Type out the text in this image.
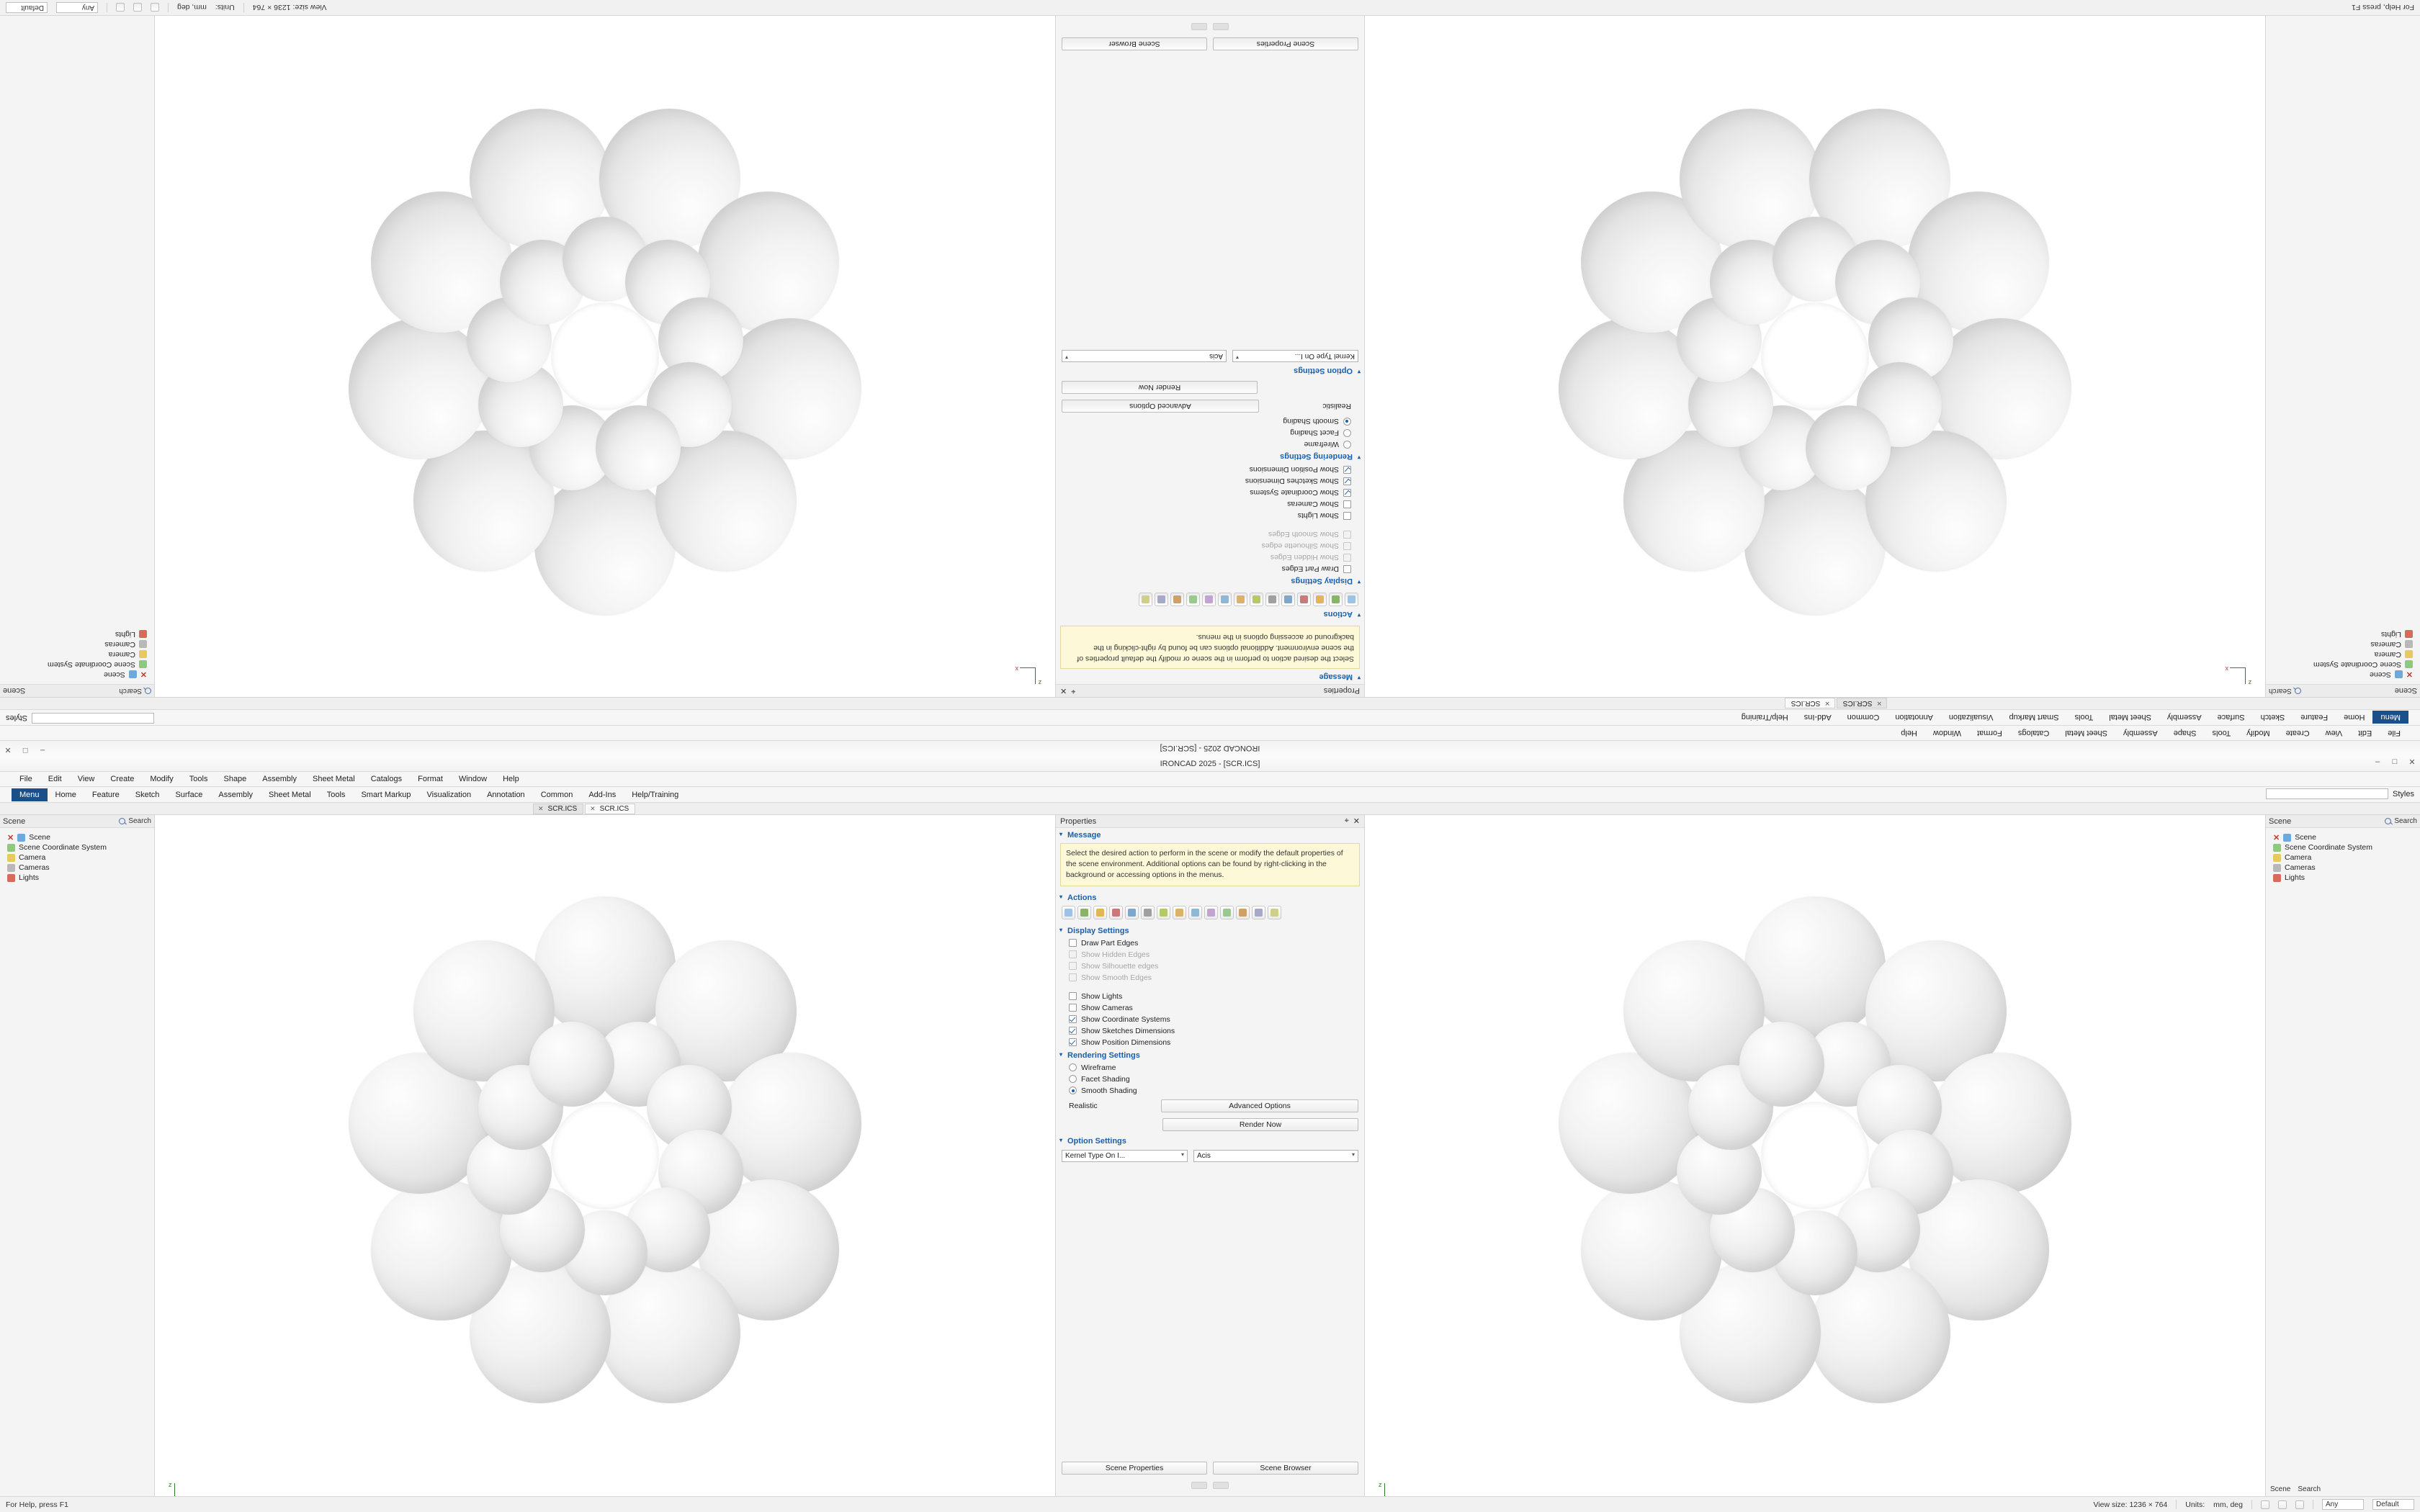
IRONCAD 2025 - [SCR.ICS]
–
□
✕
File
Edit
View
Create
Modify
Tools
Shape
Assembly
Sheet Metal
Catalogs
Format
Window
Help
Menu
Home
Feature
Sketch
Surface
Assembly
Sheet Metal
Tools
Smart Markup
Visualization
Annotation
Common
Add-Ins
Help/Training
Styles
✕
SCR.ICS
✕
SCR.ICS
Scene
Search
✕
Scene
Scene Coordinate System
Camera
Cameras
Lights
z
x
Properties
⌖
✕
▾ Message
Select the desired action to perform in the scene or modify the default properties of the scene environment. Additional options can be found by right-clicking in the background or accessing options in the menus.
▾ Actions
▾ Display Settings
Draw Part Edges
Show Hidden Edges
Show Silhouette edges
Show Smooth Edges
Show Lights
Show Cameras
Show Coordinate Systems
Show Sketches Dimensions
Show Position Dimensions
▾ Rendering Settings
Wireframe
Facet Shading
Smooth Shading
Realistic
Advanced Options
Render Now
▾ Option Settings
Kernel Type On I... ▾
Acis ▾
Scene Properties
Scene Browser
z
x
Search
Scene
✕
Scene
Scene Coordinate System
Camera
Cameras
Lights
For Help, press F1
View size: 1236 × 764
Units:
mm, deg
Any
Default
IRONCAD 2025 - [SCR.ICS]	–	□	✕
File	Edit	View	Create	Modify	Tools	Shape	Assembly	Sheet Metal	Catalogs	Format	Window	Help
Menu	Home	Feature	Sketch	Surface	Assembly	Sheet Metal	Tools	Smart Markup	Visualization	Annotation	Common	Add-Ins	Help/Training	Styles
✕ SCR.ICS ✕ SCR.ICS
Scene	Search
✕ Scene
Scene Coordinate System
Camera
Cameras
Lights
z
Properties	⌖ ✕
▾ Message
Select the desired action to perform in the scene or modify the default properties of the scene environment. Additional options can be found by right-clicking in the background or accessing options in the menus.
▾ Actions
▾ Display Settings
Draw Part Edges
Show Hidden Edges
Show Silhouette edges
Show Smooth Edges
Show Lights
Show Cameras
Show Coordinate Systems
Show Sketches Dimensions
Show Position Dimensions
▾ Rendering Settings
Wireframe
Facet Shading
Smooth Shading
Realistic	Advanced Options
Render Now
▾ Option Settings
Kernel Type On I... ▾	Acis ▾
Scene Properties	Scene Browser
z
Scene	Search
✕ Scene
Scene Coordinate System
Camera
Cameras
Lights
Scene Search
For Help, press F1	View size: 1236 × 764 Units: mm, deg	Any	Default
